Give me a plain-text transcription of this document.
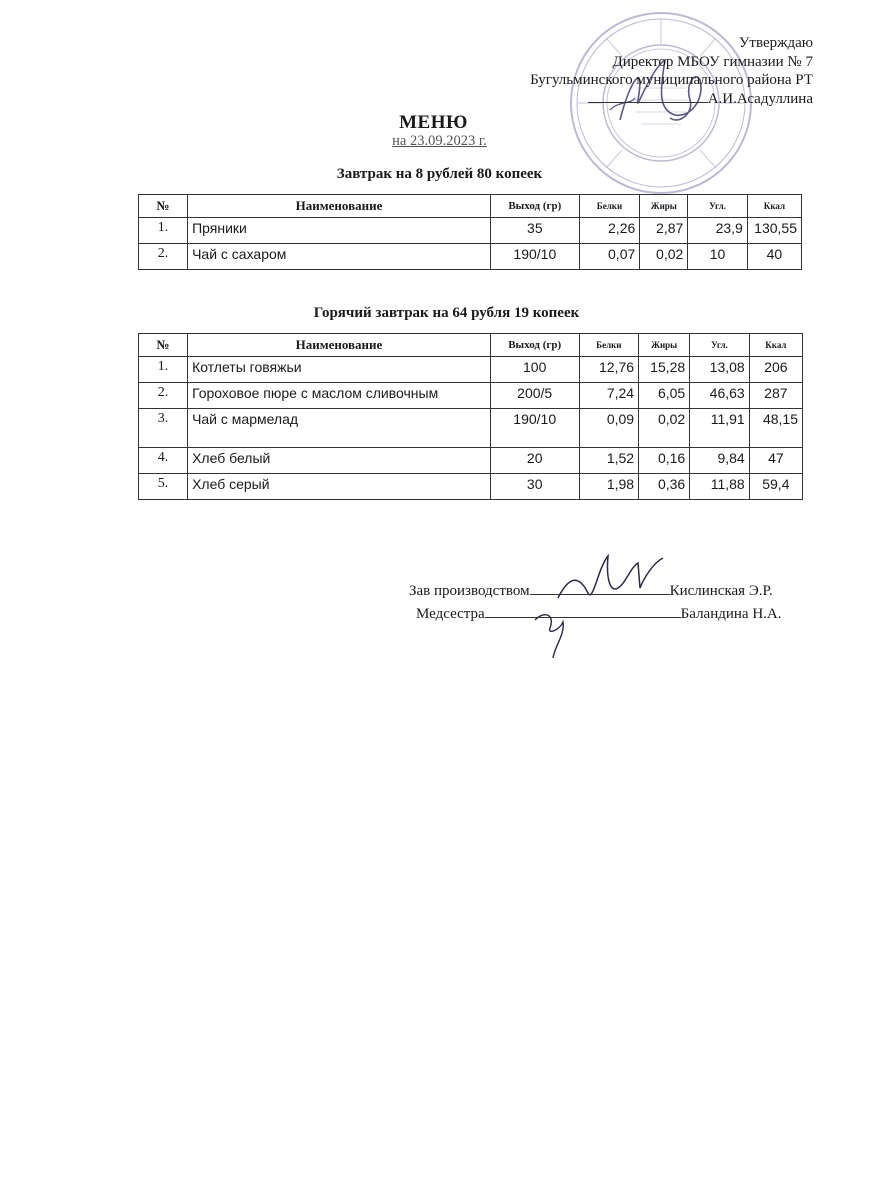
Утверждаю
Директор МБОУ гимназии № 7
Бугульминского муниципального района РТ
А.И.Асадуллина
МЕНЮ
на 23.09.2023 г.
Завтрак на 8 рублей 80 копеек
№	Наименование	Выход (гр)	Белки	Жиры	Угл.	Ккал
1.	Пряники	35	2,26	2,87	23,9	130,55
2.	Чай с сахаром	190/10	0,07	0,02	10	40
Горячий завтрак на 64 рубля 19 копеек
№	Наименование	Выход (гр)	Белки	Жиры	Угл.	Ккал
1.	Котлеты говяжьи	100	12,76	15,28	13,08	206
2.	Гороховое пюре с маслом сливочным	200/5	7,24	6,05	46,63	287
3.	Чай с мармелад	190/10	0,09	0,02	11,91	48,15
4.	Хлеб белый	20	1,52	0,16	9,84	47
5.	Хлеб серый	30	1,98	0,36	11,88	59,4
Зав производством	Кислинская Э.Р.
Медсестра	Баландина Н.А.
